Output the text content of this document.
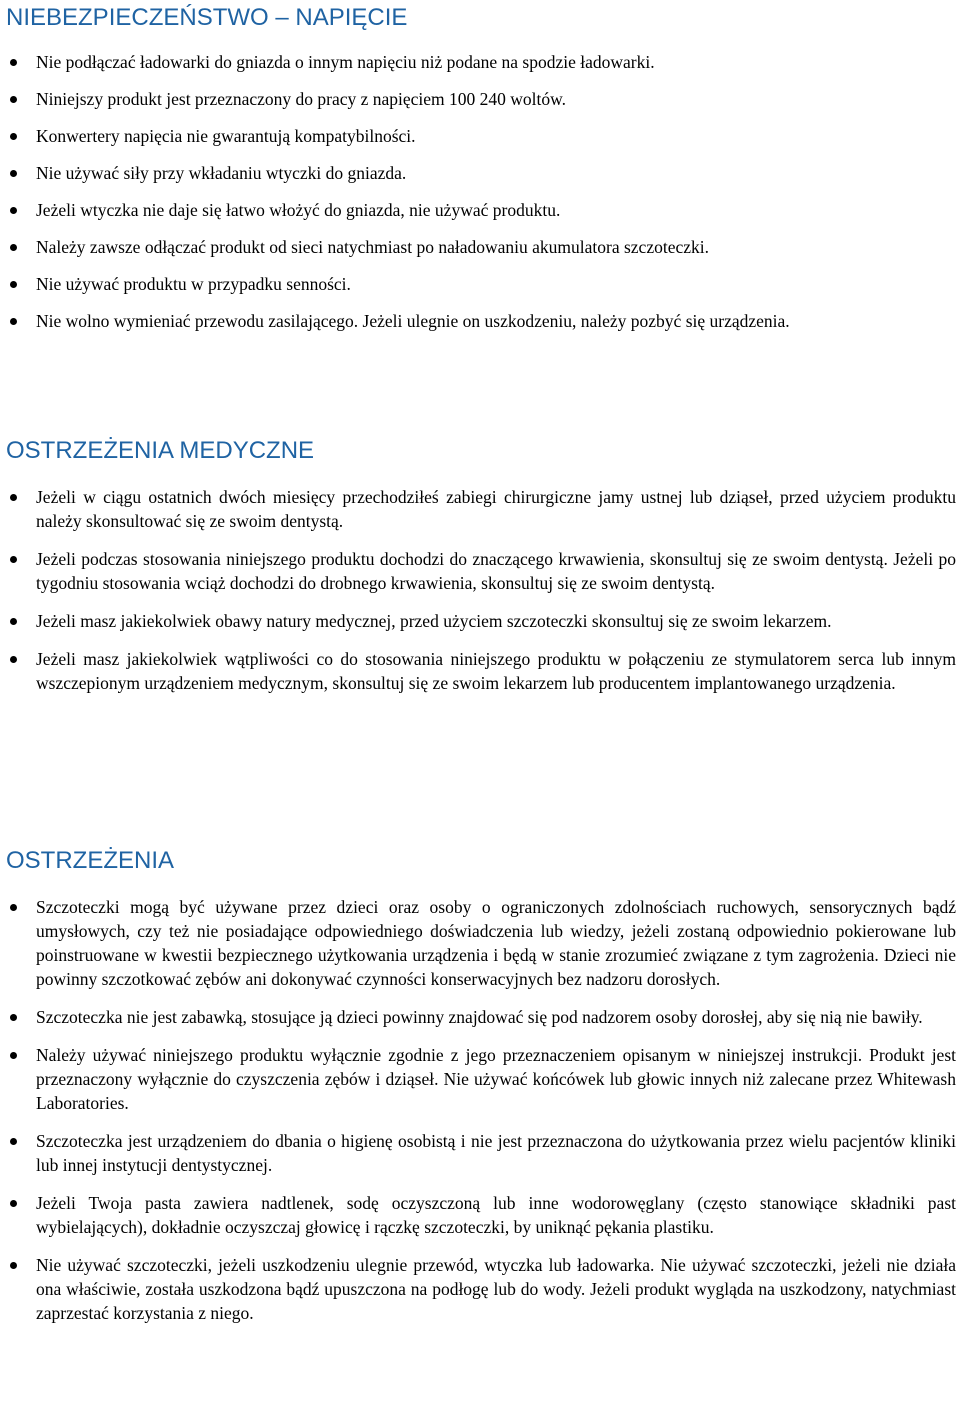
NIEBEZPIECZEŃSTWO – NAPIĘCIE
Nie podłączać ładowarki do gniazda o innym napięciu niż podane na spodzie ładowarki.
Niniejszy produkt jest przeznaczony do pracy z napięciem 100 240 woltów.
Konwertery napięcia nie gwarantują kompatybilności.
Nie używać siły przy wkładaniu wtyczki do gniazda.
Jeżeli wtyczka nie daje się łatwo włożyć do gniazda, nie używać produktu.
Należy zawsze odłączać produkt od sieci natychmiast po naładowaniu akumulatora szczoteczki.
Nie używać produktu w przypadku senności.
Nie wolno wymieniać przewodu zasilającego. Jeżeli ulegnie on uszkodzeniu, należy pozbyć się urządzenia.
OSTRZEŻENIA MEDYCZNE
Jeżeli w ciągu ostatnich dwóch miesięcy przechodziłeś zabiegi chirurgiczne jamy ustnej lub dziąseł, przed użyciem produktu należy skonsultować się ze swoim dentystą.
Jeżeli podczas stosowania niniejszego produktu dochodzi do znaczącego krwawienia, skonsultuj się ze swoim dentystą. Jeżeli po tygodniu stosowania wciąż dochodzi do drobnego krwawienia, skonsultuj się ze swoim dentystą.
Jeżeli masz jakiekolwiek obawy natury medycznej, przed użyciem szczoteczki skonsultuj się ze swoim lekarzem.
Jeżeli masz jakiekolwiek wątpliwości co do stosowania niniejszego produktu w połączeniu ze stymulatorem serca lub innym wszczepionym urządzeniem medycznym, skonsultuj się ze swoim lekarzem lub producentem implantowanego urządzenia.
OSTRZEŻENIA
Szczoteczki mogą być używane przez dzieci oraz osoby o ograniczonych zdolnościach ruchowych, sensorycznych bądź umysłowych, czy też nie posiadające odpowiedniego doświadczenia lub wiedzy, jeżeli zostaną odpowiednio pokierowane lub poinstruowane w kwestii bezpiecznego użytkowania urządzenia i będą w stanie zrozumieć związane z tym zagrożenia. Dzieci nie powinny szczotkować zębów ani dokonywać czynności konserwacyjnych bez nadzoru dorosłych.
Szczoteczka nie jest zabawką, stosujące ją dzieci powinny znajdować się pod nadzorem osoby dorosłej, aby się nią nie bawiły.
Należy używać niniejszego produktu wyłącznie zgodnie z jego przeznaczeniem opisanym w niniejszej instrukcji. Produkt jest przeznaczony wyłącznie do czyszczenia zębów i dziąseł. Nie używać końcówek lub głowic innych niż zalecane przez Whitewash Laboratories.
Szczoteczka jest urządzeniem do dbania o higienę osobistą i nie jest przeznaczona do użytkowania przez wielu pacjentów kliniki lub innej instytucji dentystycznej.
Jeżeli Twoja pasta zawiera nadtlenek, sodę oczyszczoną lub inne wodorowęglany (często stanowiące składniki past wybielających), dokładnie oczyszczaj głowicę i rączkę szczoteczki, by uniknąć pękania plastiku.
Nie używać szczoteczki, jeżeli uszkodzeniu ulegnie przewód, wtyczka lub ładowarka. Nie używać szczoteczki, jeżeli nie działa ona właściwie, została uszkodzona bądź upuszczona na podłogę lub do wody. Jeżeli produkt wygląda na uszkodzony, natychmiast zaprzestać korzystania z niego.
